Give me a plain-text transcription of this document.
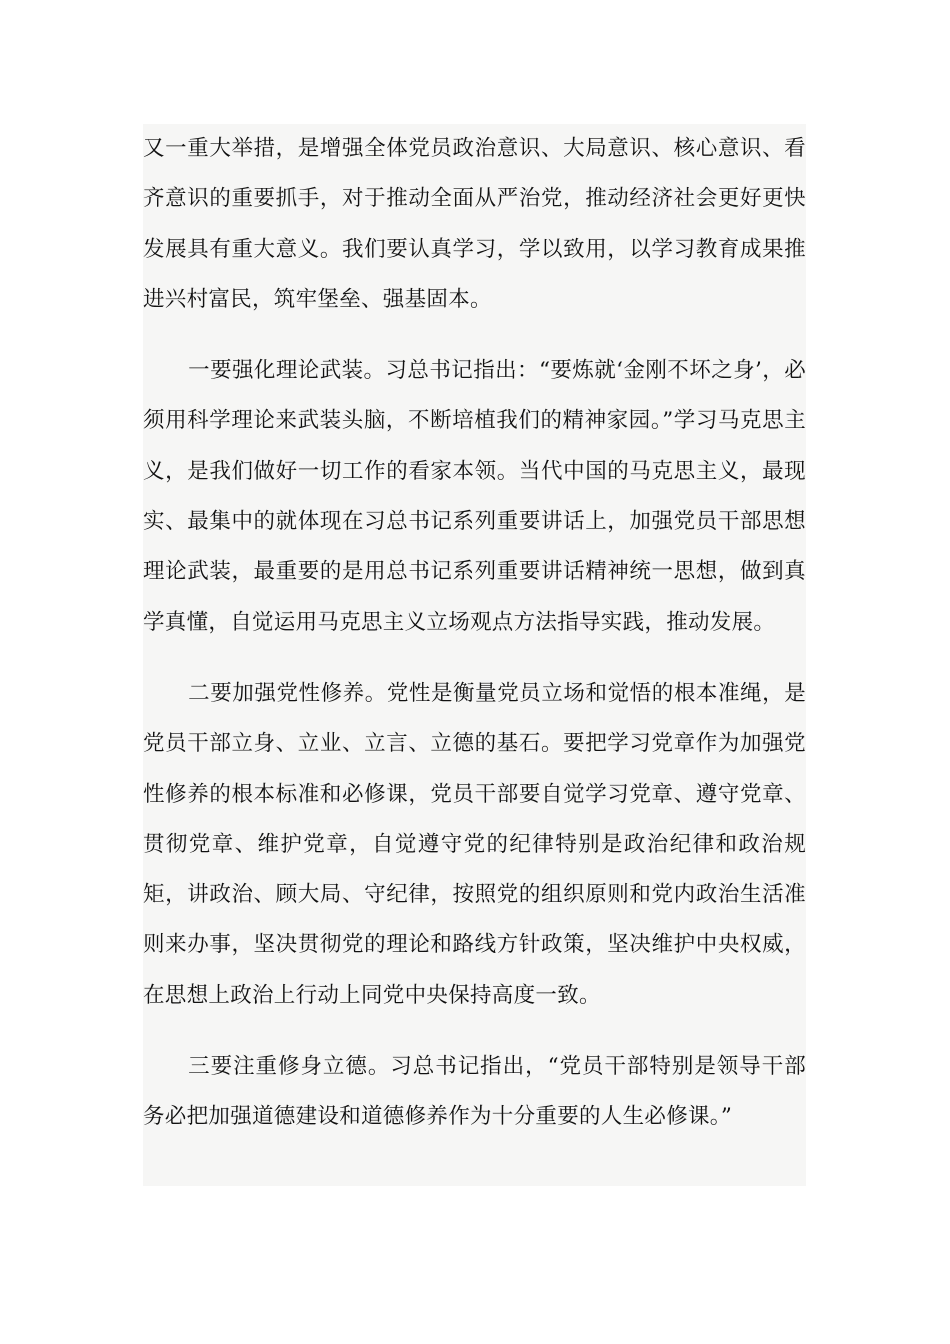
又一重大举措，是增强全体党员政治意识、大局意识、核心意识、看齐意识的重要抓手，对于推动全面从严治党，推动经济社会更好更快发展具有重大意义。我们要认真学习，学以致用，以学习教育成果推进兴村富民，筑牢堡垒、强基固本。

一要强化理论武装。习总书记指出：“要炼就‘金刚不坏之身’，必须用科学理论来武装头脑，不断培植我们的精神家园。”学习马克思主义，是我们做好一切工作的看家本领。当代中国的马克思主义，最现实、最集中的就体现在习总书记系列重要讲话上，加强党员干部思想理论武装，最重要的是用总书记系列重要讲话精神统一思想，做到真学真懂，自觉运用马克思主义立场观点方法指导实践，推动发展。

二要加强党性修养。党性是衡量党员立场和觉悟的根本准绳，是党员干部立身、立业、立言、立德的基石。要把学习党章作为加强党性修养的根本标准和必修课，党员干部要自觉学习党章、遵守党章、贯彻党章、维护党章，自觉遵守党的纪律特别是政治纪律和政治规矩，讲政治、顾大局、守纪律，按照党的组织原则和党内政治生活准则来办事，坚决贯彻党的理论和路线方针政策，坚决维护中央权威，在思想上政治上行动上同党中央保持高度一致。

三要注重修身立德。习总书记指出，“党员干部特别是领导干部务必把加强道德建设和道德修养作为十分重要的人生必修课。”
